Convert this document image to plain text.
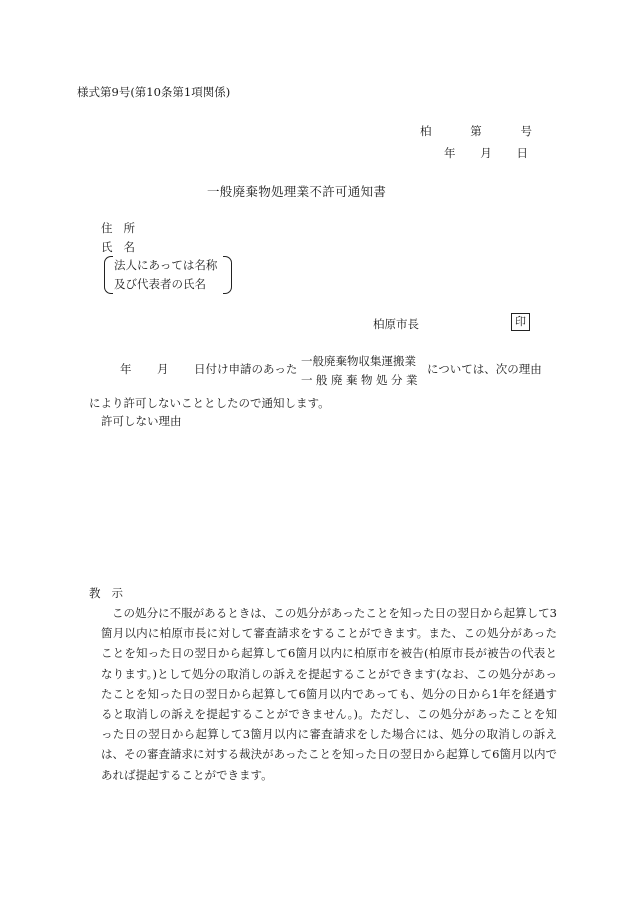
様式第9号(第10条第1項関係)
柏	第	号
年 月 日
一般廃棄物処理業不許可通知書
住 所
氏 名
法人にあっては名称
及び代表者の氏名
柏原市長	印
年 月 日付け申請のあった
一般廃棄物収集運搬業
一般廃棄物処分業
については、次の理由
により許可しないこととしたので通知します。
許可しない理由
教 示
この処分に不服があるときは、この処分があったことを知った日の翌日から起算して3箇月以内に柏原市長に対して審査請求をすることができます。また、この処分があったことを知った日の翌日から起算して6箇月以内に柏原市を被告(柏原市長が被告の代表となります。)として処分の取消しの訴えを提起することができます(なお、この処分があったことを知った日の翌日から起算して6箇月以内であっても、処分の日から1年を経過すると取消しの訴えを提起することができません。)。ただし、この処分があったことを知った日の翌日から起算して3箇月以内に審査請求をした場合には、処分の取消しの訴えは、その審査請求に対する裁決があったことを知った日の翌日から起算して6箇月以内であれば提起することができます。
